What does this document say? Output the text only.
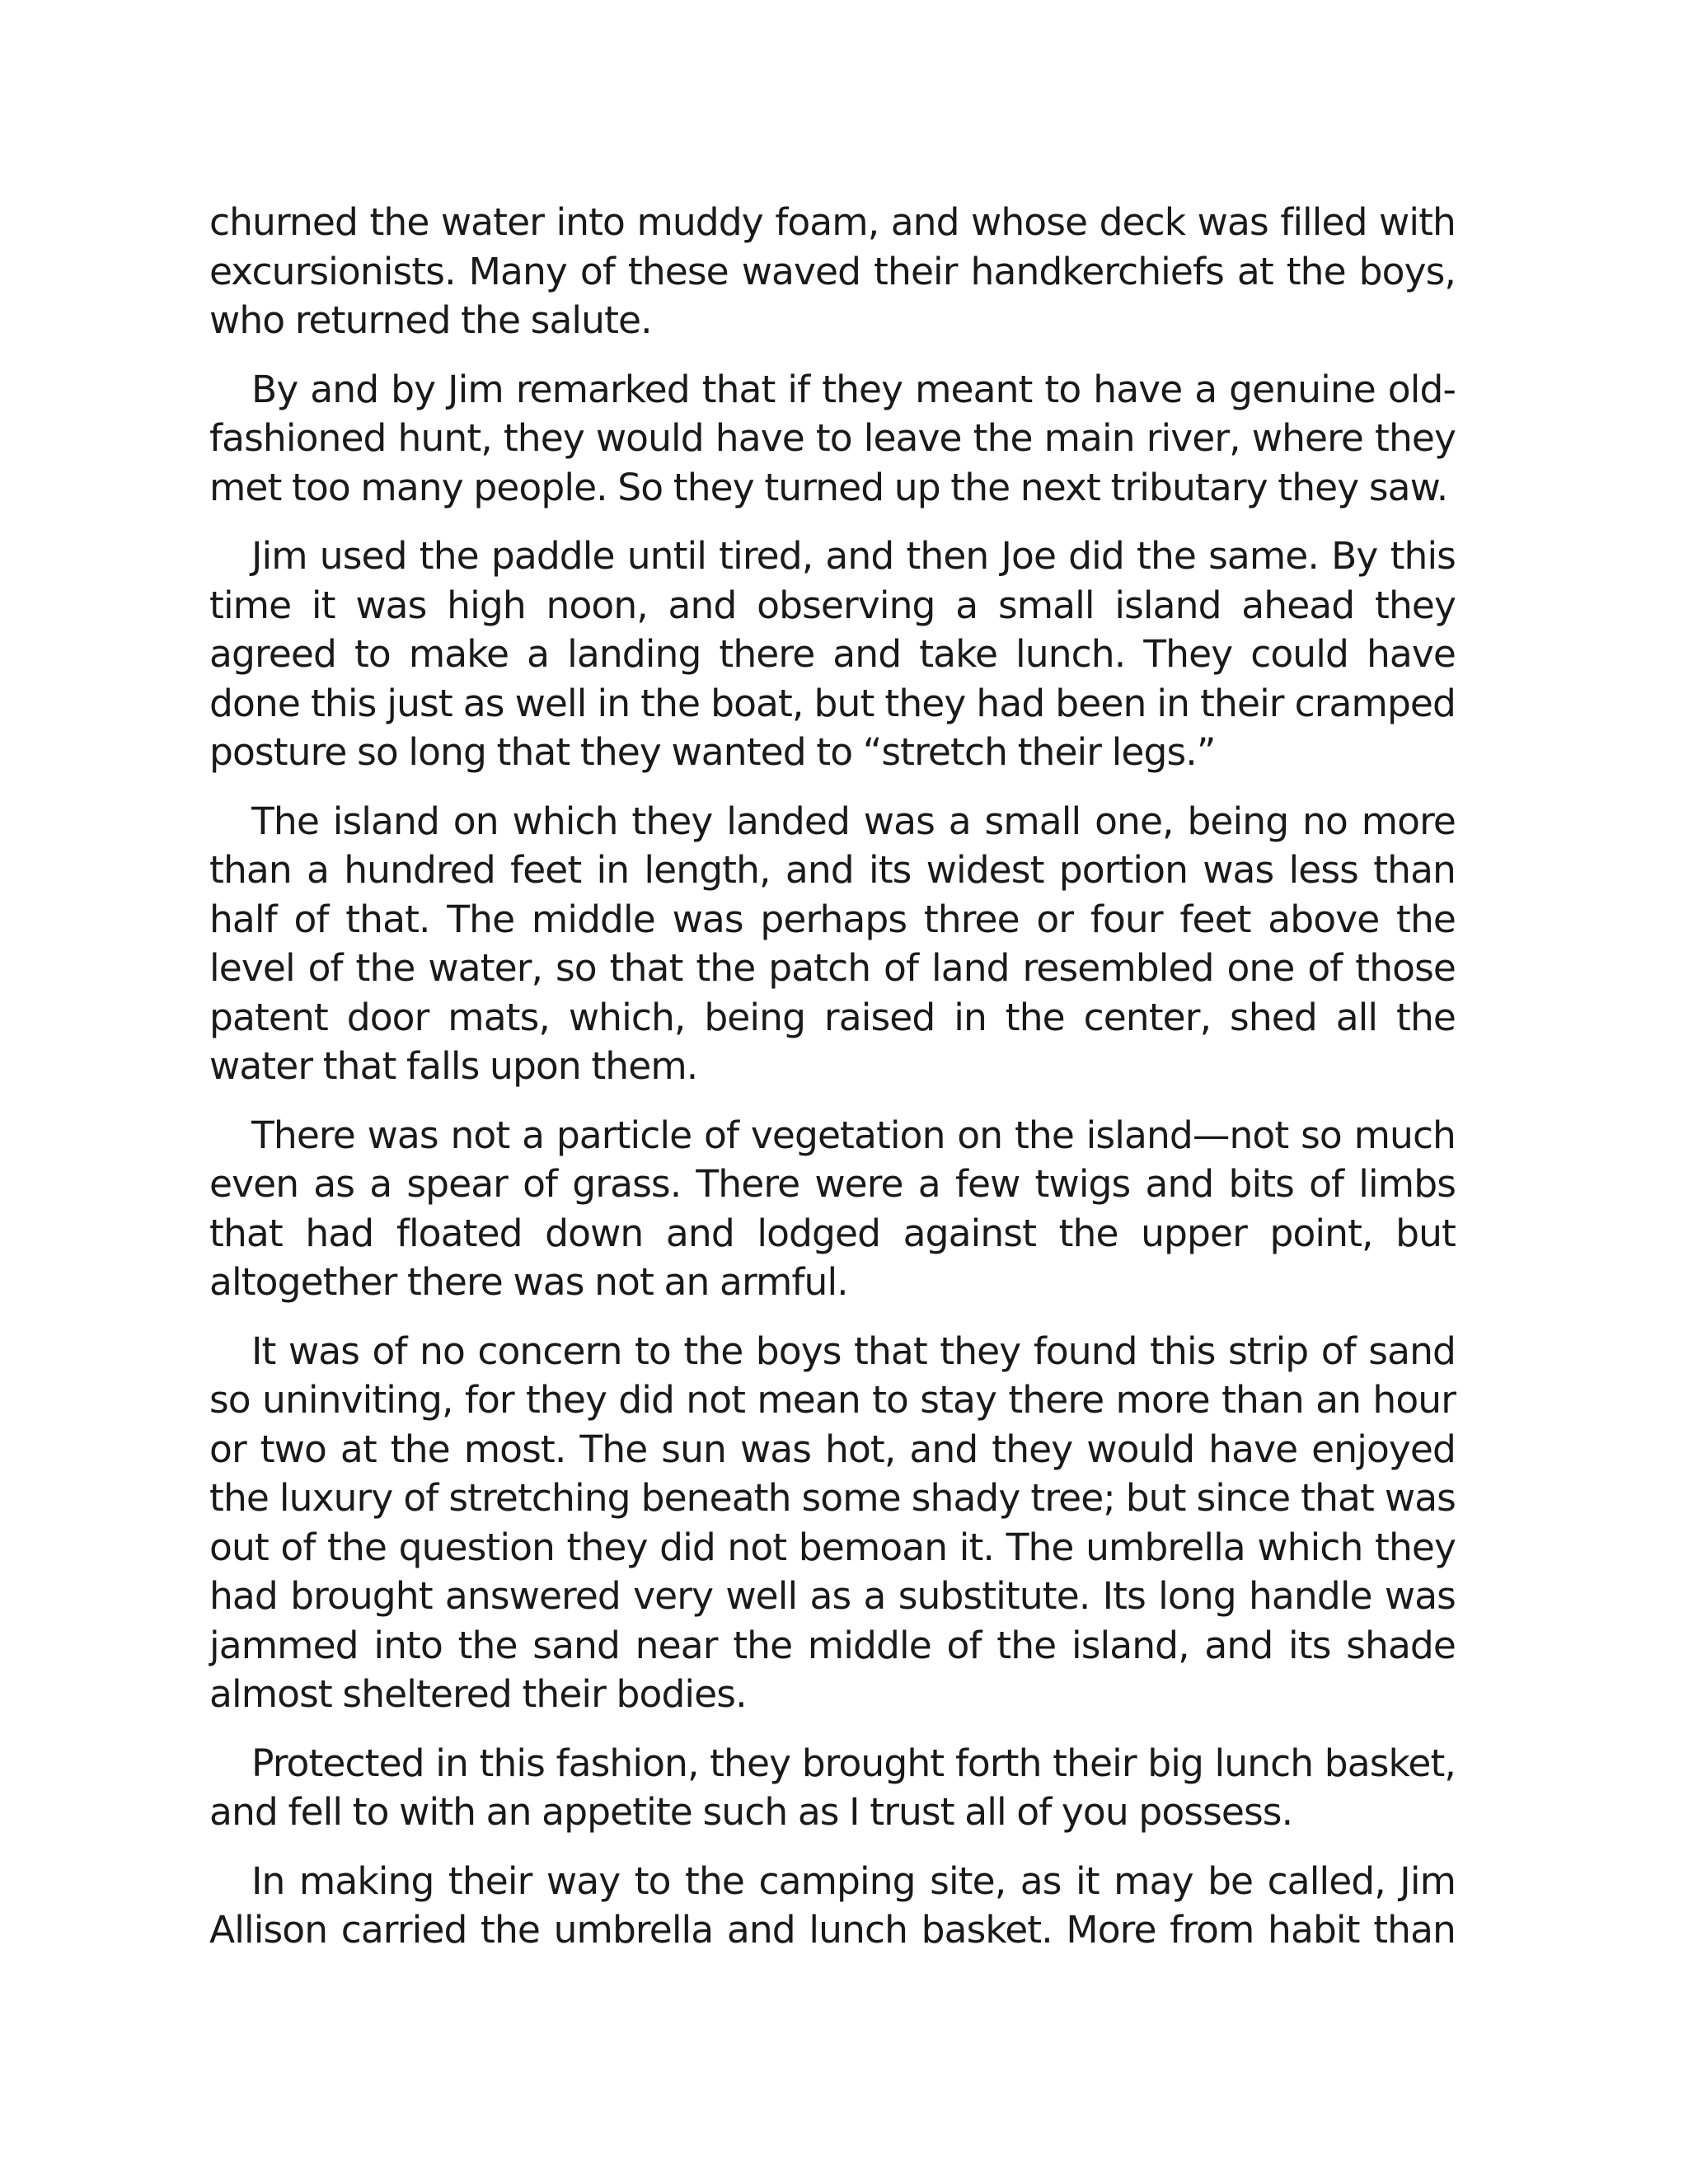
churned the water into muddy foam, and whose deck was filled with excursionists. Many of these waved their handkerchiefs at the boys, who returned the salute.

By and by Jim remarked that if they meant to have a genuine old-fashioned hunt, they would have to leave the main river, where they met too many people. So they turned up the next tributary they saw.

Jim used the paddle until tired, and then Joe did the same. By this time it was high noon, and observing a small island ahead they agreed to make a landing there and take lunch. They could have done this just as well in the boat, but they had been in their cramped posture so long that they wanted to “stretch their legs.”

The island on which they landed was a small one, being no more than a hundred feet in length, and its widest portion was less than half of that. The middle was perhaps three or four feet above the level of the water, so that the patch of land resembled one of those patent door mats, which, being raised in the center, shed all the water that falls upon them.

There was not a particle of vegetation on the island—not so much even as a spear of grass. There were a few twigs and bits of limbs that had floated down and lodged against the upper point, but altogether there was not an armful.

It was of no concern to the boys that they found this strip of sand so uninviting, for they did not mean to stay there more than an hour or two at the most. The sun was hot, and they would have enjoyed the luxury of stretching beneath some shady tree; but since that was out of the question they did not bemoan it. The umbrella which they had brought answered very well as a substitute. Its long handle was jammed into the sand near the middle of the island, and its shade almost sheltered their bodies.

Protected in this fashion, they brought forth their big lunch basket, and fell to with an appetite such as I trust all of you possess.

In making their way to the camping site, as it may be called, Jim Allison carried the umbrella and lunch basket. More from habit than
